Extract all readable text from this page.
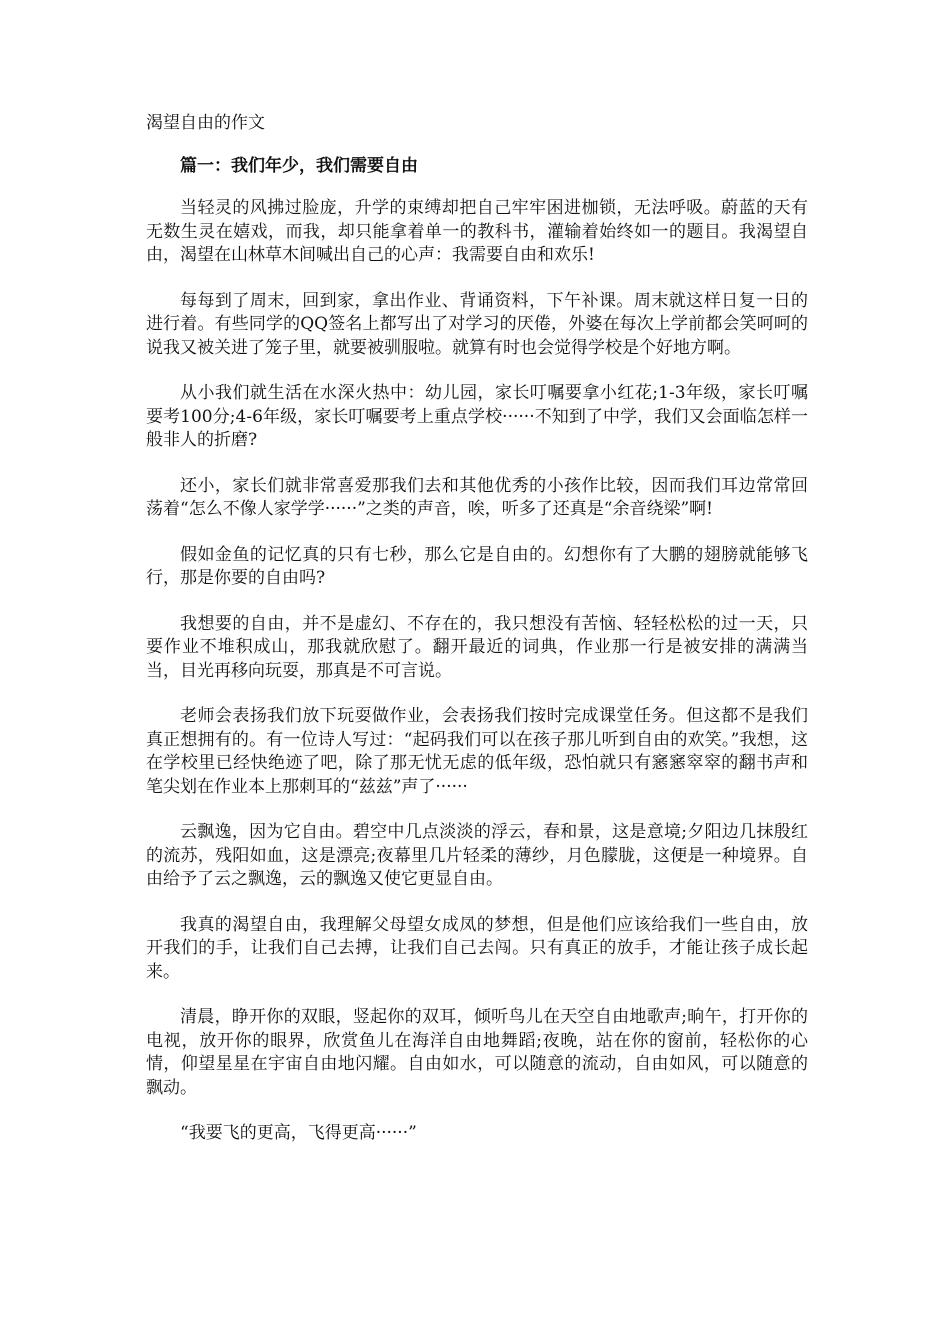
渴望自由的作文

篇一：我们年少，我们需要自由

当轻灵的风拂过脸庞，升学的束缚却把自己牢牢困进枷锁，无法呼吸。蔚蓝的天有无数生灵在嬉戏，而我，却只能拿着单一的教科书，灌输着始终如一的题目。我渴望自由，渴望在山林草木间喊出自己的心声：我需要自由和欢乐!

每每到了周末，回到家，拿出作业、背诵资料，下午补课。周末就这样日复一日的进行着。有些同学的QQ签名上都写出了对学习的厌倦，外婆在每次上学前都会笑呵呵的说我又被关进了笼子里，就要被驯服啦。就算有时也会觉得学校是个好地方啊。

从小我们就生活在水深火热中：幼儿园，家长叮嘱要拿小红花;1-3年级，家长叮嘱要考100分;4-6年级，家长叮嘱要考上重点学校······不知到了中学，我们又会面临怎样一般非人的折磨?

还小，家长们就非常喜爱那我们去和其他优秀的小孩作比较，因而我们耳边常常回荡着“怎么不像人家学学······”之类的声音，唉，听多了还真是“余音绕梁”啊!

假如金鱼的记忆真的只有七秒，那么它是自由的。幻想你有了大鹏的翅膀就能够飞行，那是你要的自由吗?

我想要的自由，并不是虚幻、不存在的，我只想没有苦恼、轻轻松松的过一天，只要作业不堆积成山，那我就欣慰了。翻开最近的词典，作业那一行是被安排的满满当当，目光再移向玩耍，那真是不可言说。

老师会表扬我们放下玩耍做作业，会表扬我们按时完成课堂任务。但这都不是我们真正想拥有的。有一位诗人写过：“起码我们可以在孩子那儿听到自由的欢笑。”我想，这在学校里已经快绝迹了吧，除了那无忧无虑的低年级，恐怕就只有窸窸窣窣的翻书声和笔尖划在作业本上那刺耳的“兹兹”声了······

云飘逸，因为它自由。碧空中几点淡淡的浮云，春和景，这是意境;夕阳边几抹殷红的流苏，残阳如血，这是漂亮;夜幕里几片轻柔的薄纱，月色朦胧，这便是一种境界。自由给予了云之飘逸，云的飘逸又使它更显自由。

我真的渴望自由，我理解父母望女成凤的梦想，但是他们应该给我们一些自由，放开我们的手，让我们自己去搏，让我们自己去闯。只有真正的放手，才能让孩子成长起来。

清晨，睁开你的双眼，竖起你的双耳，倾听鸟儿在天空自由地歌声;晌午，打开你的电视，放开你的眼界，欣赏鱼儿在海洋自由地舞蹈;夜晚，站在你的窗前，轻松你的心情，仰望星星在宇宙自由地闪耀。自由如水，可以随意的流动，自由如风，可以随意的飘动。

“我要飞的更高，飞得更高······”
